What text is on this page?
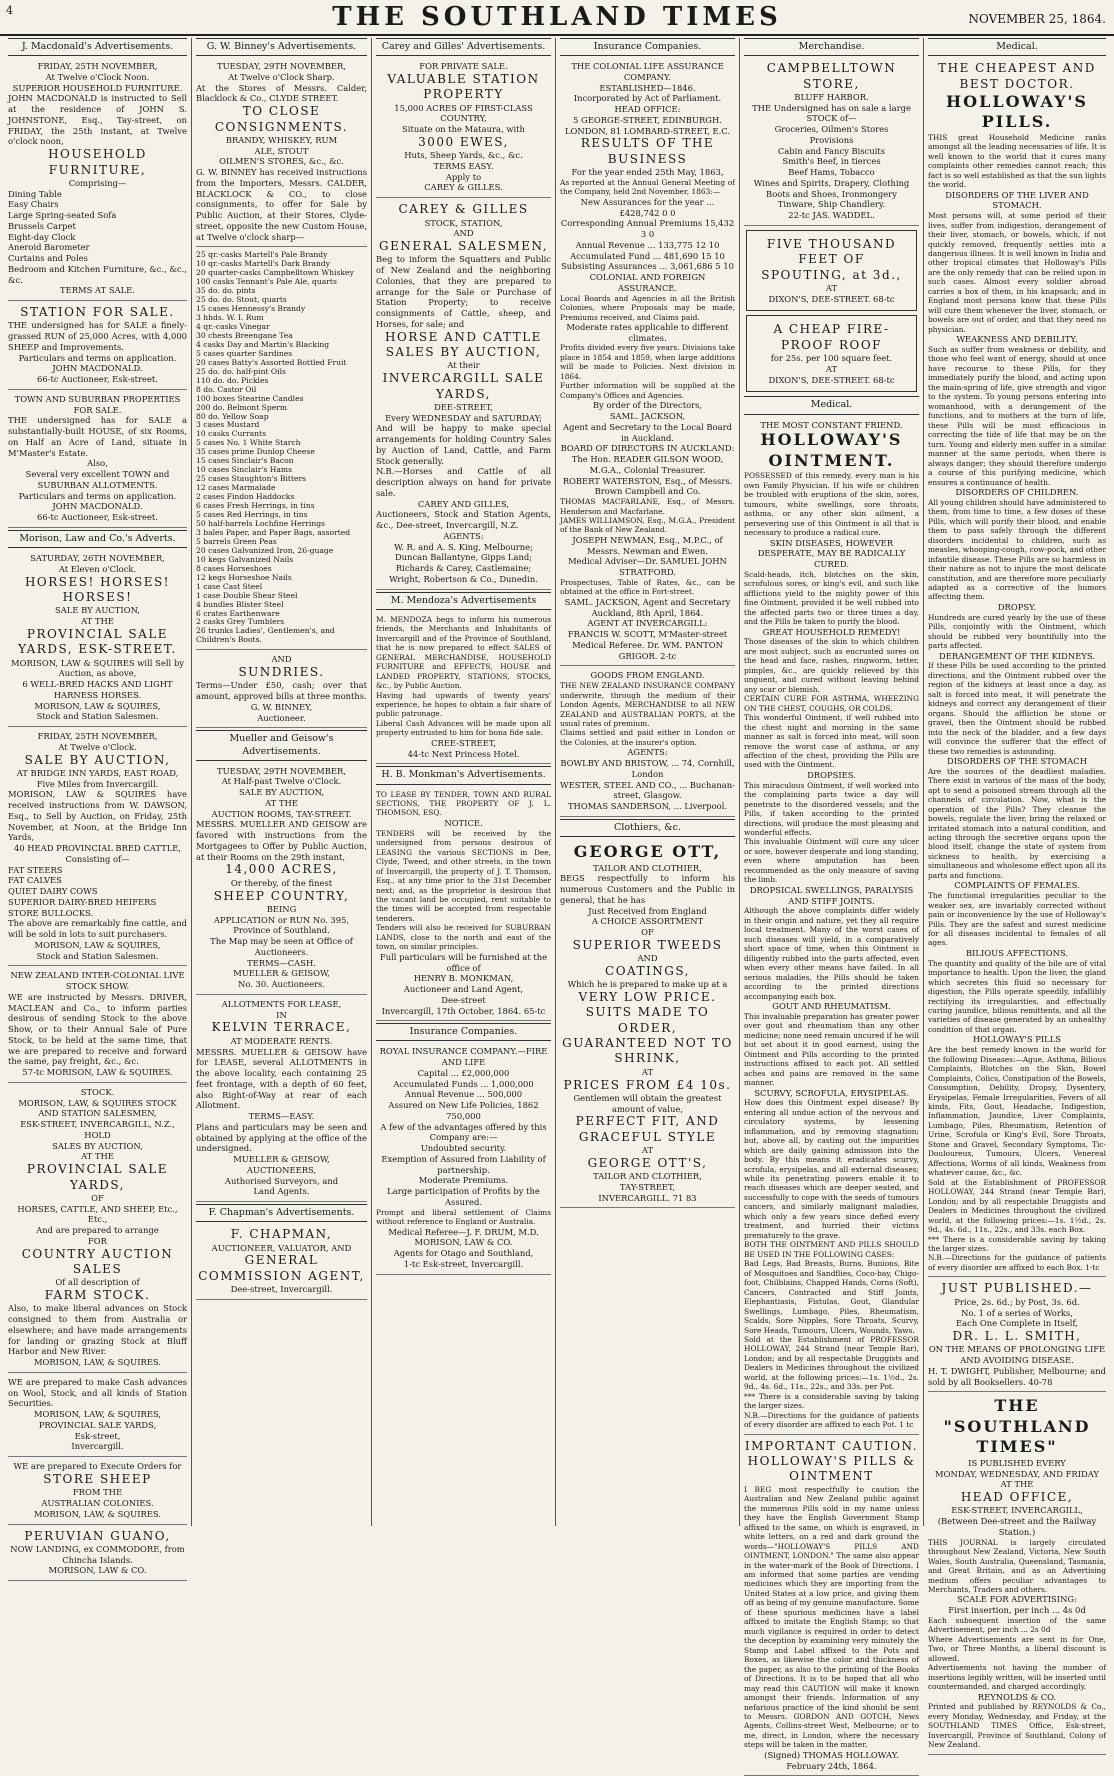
4	THE SOUTHLAND TIMES	NOVEMBER 25, 1864.
J. Macdonald's Advertisements.
FRIDAY, 25TH NOVEMBER,
At Twelve o'Clock Noon.
SUPERIOR HOUSEHOLD FURNITURE.
JOHN MACDONALD is instructed to Sell at the residence of JOHN S. JOHNSTONE, Esq., Tay-street, on FRIDAY, the 25th instant, at Twelve o'clock noon,
HOUSEHOLD FURNITURE,
Comprising—
Dining Table
Easy Chairs
Large Spring-seated Sofa
Brussels Carpet
Eight-day Clock
Aneroid Barometer
Curtains and Poles
Bedroom and Kitchen Furniture, &c., &c., &c.
TERMS AT SALE.
STATION FOR SALE.
THE undersigned has for SALE a finely-grassed RUN of 25,000 Acres, with 4,000 SHEEP and Improvements.
Particulars and terms on application.
JOHN MACDONALD.
66-tc Auctioneer, Esk-street.
TOWN AND SUBURBAN PROPERTIES FOR SALE.
THE undersigned has for SALE a substantially-built HOUSE, of six Rooms, on Half an Acre of Land, situate in M'Master's Estate.
Also,
Several very excellent TOWN and SUBURBAN ALLOTMENTS.
Particulars and terms on application.
JOHN MACDONALD.
66-tc Auctioneer, Esk-street.
Morison, Law and Co.'s Adverts.
SATURDAY, 26TH NOVEMBER,
At Eleven o'Clock.
HORSES! HORSES! HORSES!
SALE BY AUCTION,
AT THE
PROVINCIAL SALE YARDS, ESK-STREET.
MORISON, LAW & SQUIRES will Sell by Auction, as above,
6 WELL-BRED HACKS AND LIGHT HARNESS HORSES.
MORISON, LAW & SQUIRES,
Stock and Station Salesmen.
FRIDAY, 25TH NOVEMBER,
At Twelve o'Clock.
SALE BY AUCTION,
AT BRIDGE INN YARDS, EAST ROAD,
Five Miles from Invercargill.
MORISON, LAW & SQUIRES have received instructions from W. DAWSON, Esq., to Sell by Auction, on Friday, 25th November, at Noon, at the Bridge Inn Yards,
40 HEAD PROVINCIAL BRED CATTLE,
Consisting of—
FAT STEERS
FAT CALVES
QUIET DAIRY COWS
SUPERIOR DAIRY-BRED HEIFERS
STORE BULLOCKS.
The above are remarkably fine cattle, and will be sold in lots to suit purchasers.
MORISON, LAW & SQUIRES,
Stock and Station Salesmen.
NEW ZEALAND INTER-COLONIAL LIVE STOCK SHOW.
WE are instructed by Messrs. DRIVER, MACLEAN and Co., to inform parties desirous of sending Stock to the above Show, or to their Annual Sale of Pure Stock, to be held at the same time, that we are prepared to receive and forward the same, pay freight, &c., &c.
57-tc MORISON, LAW & SQUIRES.
STOCK.
MORISON, LAW, & SQUIRES STOCK AND STATION SALESMEN,
ESK-STREET, INVERCARGILL, N.Z.,
HOLD
SALES BY AUCTION,
AT THE
PROVINCIAL SALE YARDS,
OF
HORSES, CATTLE, AND SHEEP, Etc., Etc.,
And are prepared to arrange
FOR
COUNTRY AUCTION SALES
Of all description of
FARM STOCK.
Also, to make liberal advances on Stock consigned to them from Australia or elsewhere; and have made arrangements for landing or grazing Stock at Bluff Harbor and New River.
MORISON, LAW, & SQUIRES.
WE are prepared to make Cash advances on Wool, Stock, and all kinds of Station Securities.
MORISON, LAW, & SQUIRES,
PROVINCIAL SALE YARDS,
Esk-street,
Invercargill.
WE are prepared to Execute Orders for
STORE SHEEP
FROM THE
AUSTRALIAN COLONIES.
MORISON, LAW, & SQUIRES.
PERUVIAN GUANO,
NOW LANDING, ex COMMODORE, from Chincha Islands.
MORISON, LAW & CO.
G. W. Binney's Advertisements.
TUESDAY, 29TH NOVEMBER,
At Twelve o'Clock Sharp.
At the Stores of Messrs. Calder, Blacklock & Co., CLYDE STREET.
TO CLOSE CONSIGNMENTS.
BRANDY, WHISKEY, RUM
ALE, STOUT
OILMEN'S STORES, &c., &c.
G. W. BINNEY has received instructions from the Importers, Messrs. CALDER, BLACKLOCK & CO., to close consignments, to offer for Sale by Public Auction, at their Stores, Clyde-street, opposite the new Custom House, at Twelve o'clock sharp—
25 qr.-casks Martell's Pale Brandy
10 qr.-casks Martell's Dark Brandy
20 quarter-casks Campbelltown Whiskey
100 casks Tennant's Pale Ale, quarts
35 do. do. pints
25 do. do. Stout, quarts
15 cases Hennessy's Brandy
3 hhds. W. I. Rum
4 qr.-casks Vinegar
30 chests Breengane Tea
4 casks Day and Martin's Blacking
5 cases quarter Sardines
20 cases Batty's Assorted Bottled Fruit
25 do. do. half-pint Oils
110 do. do. Pickles
8 do. Castor Oil
100 boxes Stearine Candles
200 do. Belmont Sperm
80 do. Yellow Soap
3 cases Mustard
10 casks Currants
5 cases No. 1 White Starch
35 cases prime Dunlop Cheese
15 cases Sinclair's Bacon
10 cases Sinclair's Hams
25 cases Staughton's Bitters
12 cases Marmalade
2 cases Findon Haddocks
6 cases Fresh Herrings, in tins
5 cases Red Herrings, in tins
50 half-barrels Lochfine Herrings
3 bales Paper, and Paper Bags, assorted
5 barrels Green Peas
20 cases Galvanized Iron, 26-guage
10 kegs Galvanized Nails
8 cases Horseshoes
12 kegs Horseshoe Nails
1 case Cast Steel
1 case Double Shear Steel
4 bundles Blister Steel
6 crates Earthenware
2 casks Grey Tumblers
26 trunks Ladies', Gentlemen's, and Children's Boots.
AND
SUNDRIES.
Terms—Under £50, cash; over that amount, approved bills at three months.
G. W. BINNEY,
Auctioneer.
Mueller and Geisow's Advertisements.
TUESDAY, 29TH NOVEMBER,
At Half-past Twelve o'Clock.
SALE BY AUCTION,
AT THE
AUCTION ROOMS, TAY-STREET.
MESSRS. MUELLER AND GEISOW are favored with instructions from the Mortgagees to Offer by Public Auction, at their Rooms on the 29th instant,
14,000 ACRES,
Or thereby, of the finest
SHEEP COUNTRY,
BEING
APPLICATION or RUN No. 395,
Province of Southland.
The Map may be seen at Office of Auctioneers.
TERMS—CASH.
MUELLER & GEISOW,
No. 30. Auctioneers.
ALLOTMENTS FOR LEASE,
IN
KELVIN TERRACE,
AT MODERATE RENTS.
MESSRS. MUELLER & GEISOW have for LEASE, several ALLOTMENTS in the above locality, each containing 25 feet frontage, with a depth of 60 feet, also Right-of-Way at rear of each Allotment.
TERMS—EASY.
Plans and particulars may be seen and obtained by applying at the office of the undersigned.
MUELLER & GEISOW,
AUCTIONEERS,
Authorised Surveyors, and
Land Agents.
F. Chapman's Advertisements.
F. CHAPMAN,
AUCTIONEER, VALUATOR, AND
GENERAL COMMISSION AGENT,
Dee-street, Invercargill.
Carey and Gilles' Advertisements.
FOR PRIVATE SALE.
VALUABLE STATION PROPERTY
15,000 ACRES OF FIRST-CLASS COUNTRY,
Situate on the Mataura, with
3000 EWES,
Huts, Sheep Yards, &c., &c.
TERMS EASY.
Apply to
CAREY & GILLES.
CAREY & GILLES
STOCK, STATION,
AND
GENERAL SALESMEN,
Beg to inform the Squatters and Public of New Zealand and the neighboring Colonies, that they are prepared to arrange for the Sale or Purchase of Station Property; to receive consignments of Cattle, sheep, and Horses, for sale; and
HORSE AND CATTLE SALES BY AUCTION,
At their
INVERCARGILL SALE YARDS,
DEE-STREET,
Every WEDNESDAY and SATURDAY;
And will be happy to make special arrangements for holding Country Sales by Auction of Land, Cattle, and Farm Stock generally.
N.B.—Horses and Cattle of all description always on hand for private sale.
CAREY AND GILLES,
Auctioneers, Stock and Station Agents, &c., Dee-street, Invercargill, N.Z.
AGENTS:
W. R. and A. S. King, Melbourne;
Duncan Ballantyne, Gipps Land;
Richards & Carey, Castlemaine;
Wright, Robertson & Co., Dunedin.
M. Mendoza's Advertisements
M. MENDOZA begs to inform his numerous friends, the Merchants and Inhabitants of Invercargill and of the Province of Southland, that he is now prepared to effect SALES of GENERAL MERCHANDISE, HOUSEHOLD FURNITURE and EFFECTS, HOUSE and LANDED PROPERTY, STATIONS, STOCKS, &c., by Public Auction.
Having had upwards of twenty years' experience, he hopes to obtain a fair share of public patronage.
Liberal Cash Advances will be made upon all property entrusted to him for bona fide sale.
CREE-STREET,
44-tc Next Princess Hotel.
H. B. Monkman's Advertisements.
TO LEASE BY TENDER, TOWN AND RURAL SECTIONS, THE PROPERTY OF J. L. THOMSON, ESQ.
NOTICE.
TENDERS will be received by the undersigned from persons desirous of LEASING the various SECTIONS in Dee, Clyde, Tweed, and other streets, in the town of Invercargill, the property of J. T. Thomson, Esq., at any time prior to the 31st December next; and, as the proprietor is desirous that the vacant land be occupied, rent suitable to the times will be accepted from respectable tenderers.
Tenders will also be received for SUBURBAN LANDS, close to the north and east of the town, on similar principles.
Full particulars will be furnished at the office of
HENRY B. MONKMAN,
Auctioneer and Land Agent,
Dee-street
Invercargill, 17th October, 1864. 65-tc
Insurance Companies.
ROYAL INSURANCE COMPANY.—FIRE AND LIFE
Capital ... £2,000,000
Accumulated Funds ... 1,000,000
Annual Revenue ... 500,000
Assured on New Life Policies, 1862 750,000
A few of the advantages offered by this Company are:—
Undoubted security.
Exemption of Assured from Liability of partnership.
Moderate Premiums.
Large participation of Profits by the Assured.
Prompt and liberal settlement of Claims without reference to England or Australia.
Medical Referee—J. F. DRUM, M.D.
MORISON, LAW & CO.
Agents for Otago and Southland,
1-tc Esk-street, Invercargill.
Insurance Companies.
THE COLONIAL LIFE ASSURANCE COMPANY.
ESTABLISHED—1846.
Incorporated by Act of Parliament.
HEAD OFFICE:
5 GEORGE-STREET, EDINBURGH.
LONDON, 81 LOMBARD-STREET, E.C.
RESULTS OF THE BUSINESS
For the year ended 25th May, 1863,
As reported at the Annual General Meeting of the Company, held 2nd November, 1863:—
New Assurances for the year ... £428,742 0 0
Corresponding Annual Premiums 15,432 3 0
Annual Revenue ... 133,775 12 10
Accumulated Fund ... 481,690 15 10
Subsisting Assurances ... 3,061,686 5 10
COLONIAL AND FOREIGN ASSURANCE.
Local Boards and Agencies in all the British Colonies, where Proposals may be made, Premiums received, and Claims paid.
Moderate rates applicable to different climates.
Profits divided every five years. Divisions take place in 1854 and 1859, when large additions will be made to Policies. Next division in 1864.
Further information will be supplied at the Company's Offices and Agencies.
By order of the Directors,
SAML. JACKSON,
Agent and Secretary to the Local Board in Auckland.
BOARD OF DIRECTORS IN AUCKLAND:
The Hon. READER GILSON WOOD, M.G.A., Colonial Treasurer.
ROBERT WATERSTON, Esq., of Messrs. Brown Campbell and Co.
THOMAS MACFARLANE, Esq., of Messrs. Henderson and Macfarlane.
JAMES WILLIAMSON, Esq., M.G.A., President of the Bank of New Zealand.
JOSEPH NEWMAN, Esq., M.P.C., of Messrs. Newman and Ewen.
Medical Adviser—Dr. SAMUEL JOHN STRATFORD.
Prospectuses, Table of Rates, &c., can be obtained at the office in Fort-street.
SAML. JACKSON, Agent and Secretary
Auckland, 8th April, 1864.
AGENT AT INVERCARGILL:
FRANCIS W. SCOTT, M'Master-street
Medical Referee. Dr. WM. PANTON GRIGOR. 2-tc
GOODS FROM ENGLAND.
THE NEW ZEALAND INSURANCE COMPANY underwrite, through the medium of their London Agents, MERCHANDISE to all NEW ZEALAND and AUSTRALIAN PORTS, at the usual rates of premium.
Claims settled and paid either in London or the Colonies, at the insurer's option.
AGENTS:
BOWLBY AND BRISTOW, ... 74, Cornhill, London
WESTER, STEEL AND CO., ... Buchanan-street, Glasgow.
THOMAS SANDERSON, ... Liverpool.
Clothiers, &c.
GEORGE OTT,
TAILOR AND CLOTHIER,
BEGS respectfully to inform his numerous Customers and the Public in general, that he has
Just Received from England
A CHOICE ASSORTMENT
OF
SUPERIOR TWEEDS
AND
COATINGS,
Which he is prepared to make up at a
VERY LOW PRICE.
SUITS MADE TO ORDER,
GUARANTEED NOT TO SHRINK,
AT
PRICES FROM £4 10s.
Gentlemen will obtain the greatest amount of value,
PERFECT FIT, AND GRACEFUL STYLE
AT
GEORGE OTT'S,
TAILOR AND CLOTHIER,
TAY-STREET,
INVERCARGILL. 71 83
Merchandise.
CAMPBELLTOWN STORE,
BLUFF HARBOR.
THE Undersigned has on sale a large STOCK of—
Groceries, Oilmen's Stores
Provisions
Cabin and Fancy Biscuits
Smith's Beef, in tierces
Beef Hams, Tobacco
Wines and Spirits, Drapery, Clothing
Boots and Shoes, Ironmongery
Tinware, Ship Chandlery.
22-tc JAS. WADDEL.
FIVE THOUSAND FEET OF
SPOUTING, at 3d.,
AT
DIXON'S, DEE-STREET. 68-tc
A CHEAP FIRE-PROOF ROOF
for 25s. per 100 square feet.
AT
DIXON'S, DEE-STREET. 68-tc
Medical.
THE MOST CONSTANT FRIEND.
HOLLOWAY'S OINTMENT.
POSSESSED of this remedy, every man is his own Family Physician. If his wife or children be troubled with eruptions of the skin, sores, tumours, white swellings, sore throats, asthma, or any other skin ailment, a persevering use of this Ointment is all that is necessary to produce a radical cure.
SKIN DISEASES, HOWEVER DESPERATE, MAY BE RADICALLY CURED.
Scald-heads, itch, blotches on the skin, scrofulous sores, or king's evil, and such like afflictions yield to the mighty power of this fine Ointment, provided it be well rubbed into the affected parts two or three times a day, and the Pills be taken to purify the blood.
GREAT HOUSEHOLD REMEDY!
Those diseases of the skin to which children are most subject, such as encrusted sores on the head and face, rashes, ringworm, tetter, pimples, &c., are quickly relieved by this unguent, and cured without leaving behind any scar or blemish.
CERTAIN CURE FOR ASTHMA, WHEEZING ON THE CHEST, COUGHS, OR COLDS.
This wonderful Ointment, if well rubbed into the chest night and morning in the same manner as salt is forced into meat, will soon remove the worst case of asthma, or any affection of the chest, providing the Pills are used with the Ointment.
DROPSIES.
This miraculous Ointment, if well worked into the complaining parts twice a day will penetrate to the disordered vessels; and the Pills, if taken according to the printed directions, will produce the most pleasing and wonderful effects.
This invaluable Ointment will cure any ulcer or sore, however desperate and long standing, even where amputation has been recommended as the only measure of saving the limb.
DROPSICAL SWELLINGS, PARALYSIS AND STIFF JOINTS.
Although the above complaints differ widely in their origin and nature, yet they all require local treatment. Many of the worst cases of such diseases will yield, in a comparatively short space of time, when this Ointment is diligently rubbed into the parts affected, even when every other means have failed. In all serious maladies, the Pills should be taken according to the printed directions accompanying each box.
GOUT AND RHEUMATISM.
This invaluable preparation has greater power over gout and rheumatism than any other medicine; none need remain uncured if he will but set about it in good earnest, using the Ointment and Pills according to the printed instructions affixed to each pot. All settled aches and pains are removed in the same manner.
SCURVY, SCROFULA, ERYSIPELAS.
How does this Ointment expel disease? By entering all undue action of the nervous and circulatory systems, by lessening inflammation, and by removing stagnation; but, above all, by casting out the impurities which are daily gaining admission into the body. By this means it eradicates scurvy, scrofula, erysipelas, and all external diseases; while its penetrating powers enable it to reach diseases which are deeper seated, and successfully to cope with the seeds of tumours cancers, and similarly malignant maladies, which only a few years since defied every treatment, and hurried their victims prematurely to the grave.
BOTH THE OINTMENT AND PILLS SHOULD BE USED IN THE FOLLOWING CASES:
Bad Legs, Bad Breasts, Burns, Bunions, Bite of Mosquitoes and Sandflies, Coco-bay, Chigo-foot, Chilblains, Chapped Hands, Corns (Soft), Cancers, Contracted and Stiff Joints, Elephantiasis, Fistulas, Gout, Glandular Swellings, Lumbago, Piles, Rheumatism, Scalds, Sore Nipples, Sore Throats, Scurvy, Sore Heads, Tumours, Ulcers, Wounds, Yaws.
Sold at the Establishment of PROFESSOR HOLLOWAY, 244 Strand (near Temple Bar), London; and by all respectable Druggists and Dealers in Medicines throughout the civilized world, at the following prices:—1s. 1½d., 2s. 9d., 4s. 6d., 11s., 22s., and 33s. per Pot.
*** There is a considerable saving by taking the larger sizes.
N.B.—Directions for the guidance of patients of every disorder are affixed to each Pot. 1 tc
IMPORTANT CAUTION.
HOLLOWAY'S PILLS & OINTMENT
I BEG most respectfully to caution the Australian and New Zealand public against the numerous Pills sold in my name unless they have the English Government Stamp affixed to the same, on which is engraved, in white letters, on a red and dark ground the words—"HOLLOWAY'S PILLS AND OINTMENT, LONDON." The same also appear in the water-mark of the Book of Directions. I am informed that some parties are vending medicines which they are importing from the United States at a low price, and giving them off as being of my genuine manufacture. Some of these spurious medicines have a label affixed to imitate the English Stamp; so that much vigilance is required in order to detect the deception by examining very minutely the Stamp and Label affixed to the Pots and Boxes, as likewise the color and thickness of the paper, as also to the printing of the Books of Directions. It is to be hoped that all who may read this CAUTION will make it known amongst their friends. Information of any nefarious practice of the kind should be sent to Messrs. GORDON AND GOTCH, News Agents, Collins-street West, Melbourne; or to me, direct, in London, where the necessary steps will be taken in the matter.
(Signed) THOMAS HOLLOWAY.
February 24th, 1864.
Medical.
THE CHEAPEST AND BEST DOCTOR.
HOLLOWAY'S PILLS.
THIS great Household Medicine ranks amongst all the leading necessaries of life. It is well known to the world that it cures many complaints other remedies cannot reach; this fact is so well established as that the sun lights the world.
DISORDERS OF THE LIVER AND STOMACH.
Most persons will, at some period of their lives, suffer from indigestion, derangement of their liver, stomach, or bowels, which, if not quickly removed, frequently settles into a dangerous illness. It is well known in India and other tropical climates that Holloway's Pills are the only remedy that can be relied upon in such cases. Almost every soldier abroad carries a box of them, in his knapsack; and in England most persons know that these Pills will cure them whenever the liver, stomach, or bowels are out of order, and that they need no physician.
WEAKNESS AND DEBILITY.
Such as suffer from weakness or debility, and those who feel want of energy, should at once have recourse to these Pills, for they immediately purify the blood, and acting upon the main-spring of life, give strength and vigor to the system. To young persons entering into womanhood, with a derangement of the functions, and to mothers at the turn of life, these Pills will be most efficacious in correcting the tide of life that may be on the turn. Young and elderly men suffer in a similar manner at the same periods, when there is always danger; they should therefore undergo a course of this purifying medicine, which ensures a continuance of health.
DISORDERS OF CHILDREN.
All young children should have administered to them, from time to time, a few doses of these Pills, which will purify their blood, and enable them to pass safely through the different disorders incidental to children, such as measles, whooping-cough, cow-pock, and other infantile disease. These Pills are so harmless in their nature as not to injure the most delicate constitution, and are therefore more peculiarly adapted as a corrective of the humors affecting them.
DROPSY.
Hundreds are cured yearly by the use of these Pills, conjointly with the Ointment, which should be rubbed very bountifully into the parts affected.
DERANGEMENT OF THE KIDNEYS.
If these Pills be used according to the printed directions, and the Ointment rubbed over the region of the kidneys at least once a day, as salt is forced into meat, it will penetrate the kidneys and correct any derangement of their organs. Should the affliction be stone or gravel, then the Ointment should be rubbed into the neck of the bladder, and a few days will convince the sufferer that the effect of these two remedies is astounding.
DISORDERS OF THE STOMACH
Are the sources of the deadliest maladies. There exist in various of the mass of the body, apt to send a poisoned stream through all the channels of circulation. Now, what is the operation of the Pills? They cleanse the bowels, regulate the liver, bring the relaxed or irritated stomach into a natural condition, and acting through the secretive organs upon the blood itself, change the state of system from sickness to health, by exercising a simultaneous and wholesome effect upon all its parts and functions.
COMPLAINTS OF FEMALES.
The functional irregularities peculiar to the weaker sex, are invariably corrected without pain or inconvenience by the use of Holloway's Pills. They are the safest and surest medicine for all diseases incidental to females of all ages.
BILIOUS AFFECTIONS.
The quantity and quality of the bile are of vital importance to health. Upon the liver, the gland which secretes this fluid so necessary for digestion, the Pills operate speedily, infallibly rectifying its irregularities, and effectually curing jaundice, bilious remittents, and all the varieties of disease generated by an unhealthy condition of that organ.
HOLLOWAY'S PILLS
Are the best remedy known in the world for the following Diseases:—Ague, Asthma, Bilious Complaints, Blotches on the Skin, Bowel Complaints, Colics, Constipation of the Bowels, Consumption, Debility, Dropsy, Dysentery, Erysipelas, Female Irregularities, Fevers of all kinds, Fits, Gout, Headache, Indigestion, Inflammation, Jaundice, Liver Complaints, Lumbago, Piles, Rheumatism, Retention of Urine, Scrofula or King's Evil, Sore Throats, Stone and Gravel, Secondary Symptoms, Tic-Douloureux, Tumours, Ulcers, Venereal Affections, Worms of all kinds, Weakness from whatever cause, &c., &c.
Sold at the Establishment of PROFESSOR HOLLOWAY, 244 Strand (near Temple Bar), London; and by all respectable Druggists and Dealers in Medicines throughout the civilized world, at the following prices:—1s. 1½d., 2s. 9d., 4s. 6d., 11s., 22s., and 33s. each Box.
*** There is a considerable saving by taking the larger sizes.
N.B.—Directions for the guidance of patients of every disorder are affixed to each Box. 1-tc
JUST PUBLISHED.—
Price, 2s. 6d.; by Post, 3s. 6d.
No. 1 of a series of Works,
Each One Complete in Itself,
DR. L. L. SMITH,
ON THE MEANS OF PROLONGING LIFE AND AVOIDING DISEASE.
H. T. DWIGHT, Publisher, Melbourne; and sold by all Booksellers. 40-78
THE "SOUTHLAND TIMES"
IS PUBLISHED EVERY
MONDAY, WEDNESDAY, AND FRIDAY
AT THE
HEAD OFFICE,
ESK-STREET, INVERCARGILL,
(Between Dee-street and the Railway Station.)
THIS JOURNAL is largely circulated throughout New Zealand, Victoria, New South Wales, South Australia, Queensland, Tasmania, and Great Britain, and as an Advertising medium offers peculiar advantages to Merchants, Traders and others.
SCALE FOR ADVERTISING:
First insertion, per inch ... 4s 0d
Each subsequent insertion of the same Advertisement, per inch ... 2s 0d
Where Advertisements are sent in for One, Two, or Three Months, a liberal discount is allowed.
Advertisements not having the number of insertions legibly written, will be inserted until countermanded, and charged accordingly.
REYNOLDS & CO.
Printed and published by REYNOLDS & Co., every Monday, Wednesday, and Friday, at the SOUTHLAND TIMES Office, Esk-street, Invercargill, Province of Southland, Colony of New Zealand.
